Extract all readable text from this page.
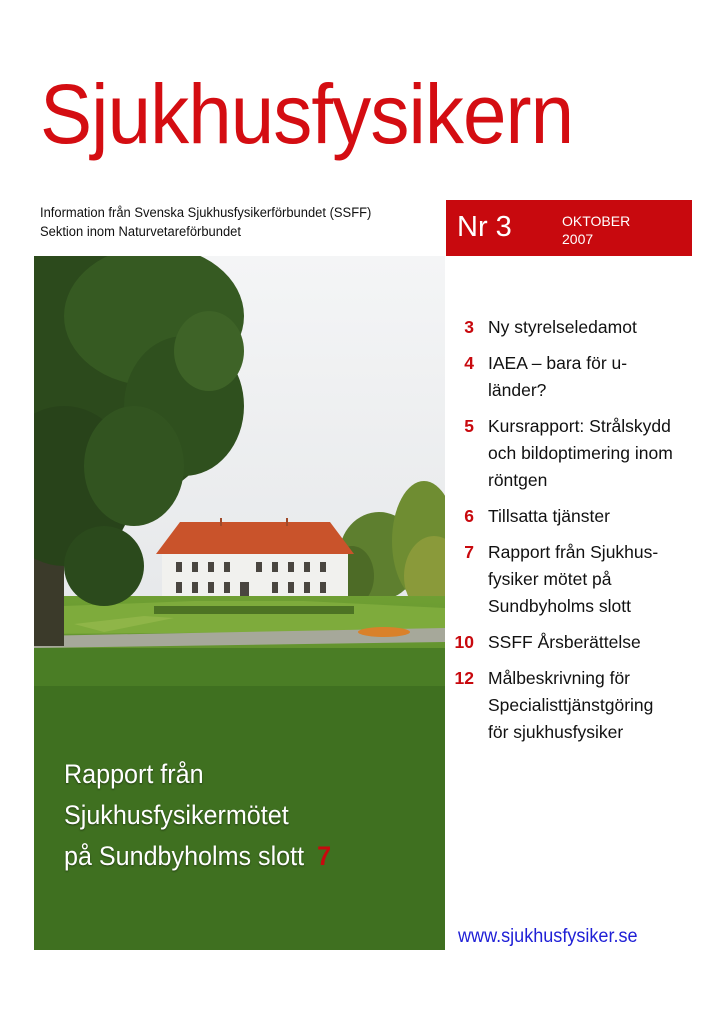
Sjukhusfysikern
Information från Svenska Sjukhusfysikerförbundet (SSFF)
Sektion inom Naturvetareförbundet	Nr 3	OKTOBER
2007
Rapport från
Sjukhusfysikermötet
på Sundbyholms slott 7
3 Ny styrelseledamot
4 IAEA – bara för u-länder?
5 Kursrapport: Strålskydd och bildoptimering inom röntgen
6 Tillsatta tjänster
7 Rapport från Sjukhus-fysiker mötet på Sundbyholms slott
10 SSFF Årsberättelse
12 Målbeskrivning för Specialisttjänstgöring för sjukhusfysiker
www.sjukhusfysiker.se
